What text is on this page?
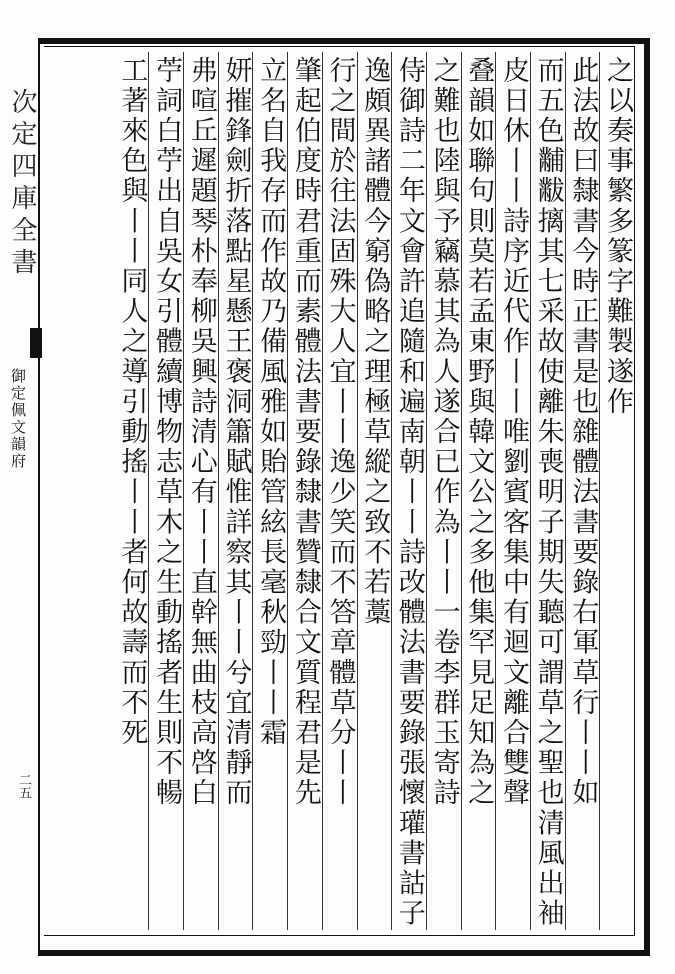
次定四庫全書
御定佩文韻府
二五
之以奏事繁多篆字難製遂作
此法故曰隸書今時正書是也雜體法書要錄右軍草行丨丨如
而五色黼黻摛其七采故使離朱喪明子期失聽可謂草之聖也清風出袖
皮日休丨丨詩序近代作丨丨唯劉賓客集中有迴文離合雙聲
叠韻如聯句則莫若孟東野與韓文公之多他集罕見足知為之
之難也陸與予竊慕其為人遂合已作為丨丨一卷李群玉寄詩
侍御詩二年文會許追隨和遍南朝丨丨詩改體法書要錄張懷瓘書詁子
逸頗異諸體今窮偽略之理極草縱之致不若藁
行之間於往法固殊大人宜丨丨逸少笑而不答章體草分丨丨
肇起伯度時君重而素體法書要錄隸書贊隸合文質程君是先
立名自我存而作故乃備風雅如貽管絃長毫秋勁丨丨霜
妍摧鋒劍折落點星懸王褒洞簫賦惟詳察其丨丨兮宜清靜而
弗喧丘遲題琴朴奉柳吳興詩清心有丨丨直幹無曲枝高啓白
苧詞白苧出自吳女引體續博物志草木之生動搖者生則不暢
工著來色與丨丨同人之導引動搖丨丨者何故壽而不死
